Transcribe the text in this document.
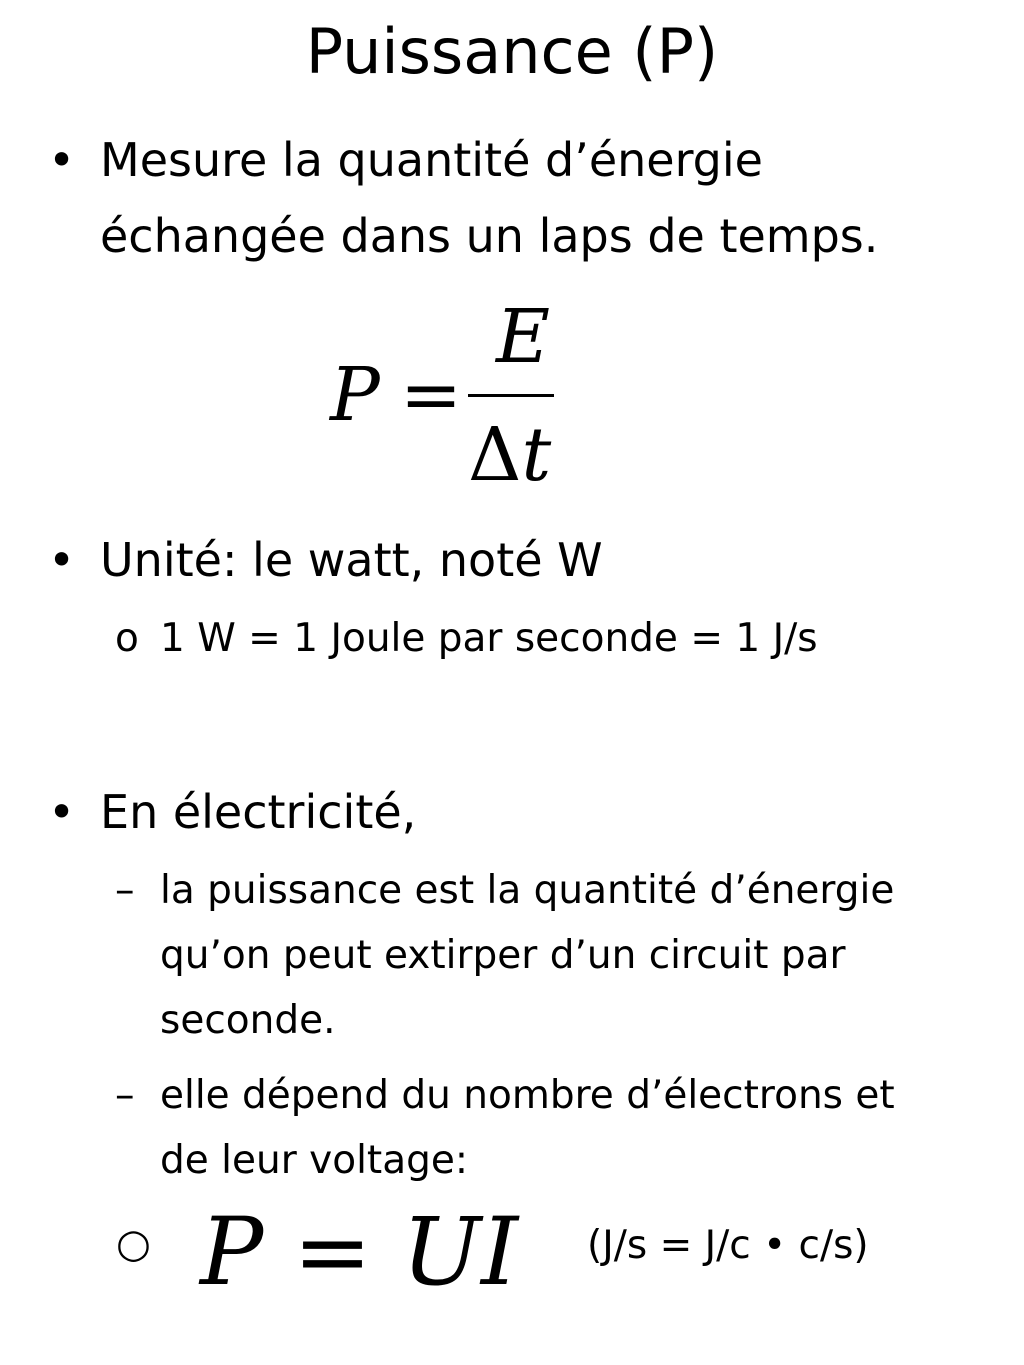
Puissance (P)
• Mesure la quantité d’énergie
échangée dans un laps de temps.
P =
E
Δt
• Unité: le watt, noté W
o 1 W = 1 Joule par seconde = 1 J/s
• En électricité,
– la puissance est la quantité d’énergie
qu’on peut extirper d’un circuit par
seconde.
– elle dépend du nombre d’électrons et
de leur voltage:
○ P = UI (J/s = J/c • c/s)
